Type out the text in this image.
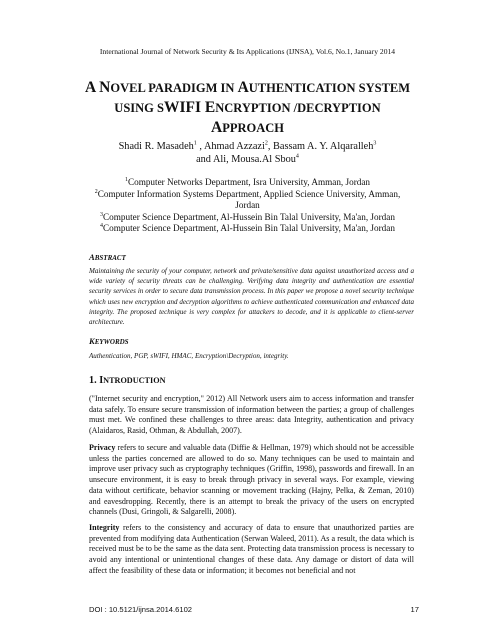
International Journal of Network Security & Its Applications (IJNSA), Vol.6, No.1, January 2014
A NOVEL PARADIGM IN AUTHENTICATION SYSTEM
USING SWIFI ENCRYPTION /DECRYPTION
APPROACH
Shadi R. Masadeh$^1$ , Ahmad Azzazi$^2$, Bassam A. Y. Alqaralleh$^3$
and Ali, Mousa.Al Sbou$^4$
$^1$Computer Networks Department, Isra University, Amman, Jordan
$^2$Computer Information Systems Department, Applied Science University, Amman,
Jordan
$^3$Computer Science Department, Al-Hussein Bin Talal University, Ma'an, Jordan
$^4$Computer Science Department, Al-Hussein Bin Talal University, Ma'an, Jordan
ABSTRACT
Maintaining the security of your computer, network and private/sensitive data against unauthorized access and a wide variety of security threats can be challenging. Verifying data integrity and authentication are essential security services in order to secure data transmission process. In this paper we propose a novel security technique which uses new encryption and decryption algorithms to achieve authenticated communication and enhanced data integrity. The proposed technique is very complex for attackers to decode, and it is applicable to client-server architecture.
KEYWORDS
Authentication, PGP, sWIFI, HMAC, Encryption\Decryption, integrity.
1. INTRODUCTION
("Internet security and encryption," 2012) All Network users aim to access information and transfer data safely. To ensure secure transmission of information between the parties; a group of challenges must met. We confined these challenges to three areas: data Integrity, authentication and privacy (Alaidaros, Rasid, Othman, & Abdullah, 2007).
Privacy refers to secure and valuable data (Diffie & Hellman, 1979) which should not be accessible unless the parties concerned are allowed to do so. Many techniques can be used to maintain and improve user privacy such as cryptography techniques (Griffin, 1998), passwords and firewall. In an unsecure environment, it is easy to break through privacy in several ways. For example, viewing data without certificate, behavior scanning or movement tracking (Hajny, Pelka, & Zeman, 2010) and eavesdropping. Recently, there is an attempt to break the privacy of the users on encrypted channels (Dusi, Gringoli, & Salgarelli, 2008).
Integrity refers to the consistency and accuracy of data to ensure that unauthorized parties are prevented from modifying data Authentication (Serwan Waleed, 2011). As a result, the data which is received must be to be the same as the data sent. Protecting data transmission process is necessary to avoid any intentional or unintentional changes of these data. Any damage or distort of data will affect the feasibility of these data or information; it becomes not beneficial and not
DOI : 10.5121/ijnsa.2014.6102	17
